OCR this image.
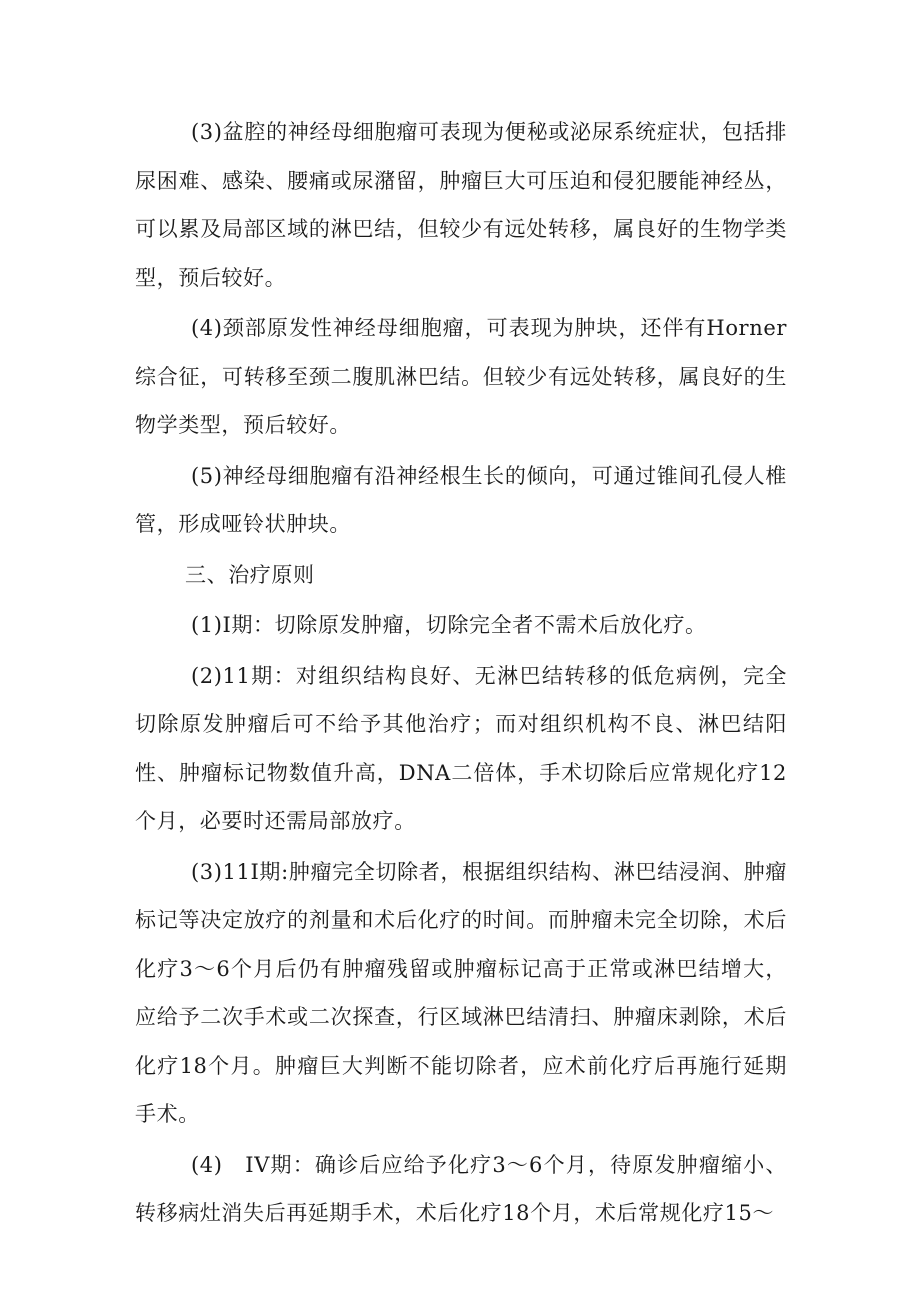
(3)盆腔的神经母细胞瘤可表现为便秘或泌尿系统症状，包括排尿困难、感染、腰痛或尿潴留，肿瘤巨大可压迫和侵犯腰能神经丛，可以累及局部区域的淋巴结，但较少有远处转移，属良好的生物学类型，预后较好。

(4)颈部原发性神经母细胞瘤，可表现为肿块，还伴有Horner综合征，可转移至颈二腹肌淋巴结。但较少有远处转移，属良好的生物学类型，预后较好。

(5)神经母细胞瘤有沿神经根生长的倾向，可通过锥间孔侵人椎管，形成哑铃状肿块。

三、治疗原则

(1)I期：切除原发肿瘤，切除完全者不需术后放化疗。

(2)11期：对组织结构良好、无淋巴结转移的低危病例，完全切除原发肿瘤后可不给予其他治疗；而对组织机构不良、淋巴结阳性、肿瘤标记物数值升高，DNA二倍体，手术切除后应常规化疗12个月，必要时还需局部放疗。

(3)11I期:肿瘤完全切除者，根据组织结构、淋巴结浸润、肿瘤标记等决定放疗的剂量和术后化疗的时间。而肿瘤未完全切除，术后化疗3～6个月后仍有肿瘤残留或肿瘤标记高于正常或淋巴结增大，应给予二次手术或二次探查，行区域淋巴结清扫、肿瘤床剥除，术后化疗18个月。肿瘤巨大判断不能切除者，应术前化疗后再施行延期手术。

(4)　IV期：确诊后应给予化疗3～6个月，待原发肿瘤缩小、转移病灶消失后再延期手术，术后化疗18个月，术后常规化疗15～
